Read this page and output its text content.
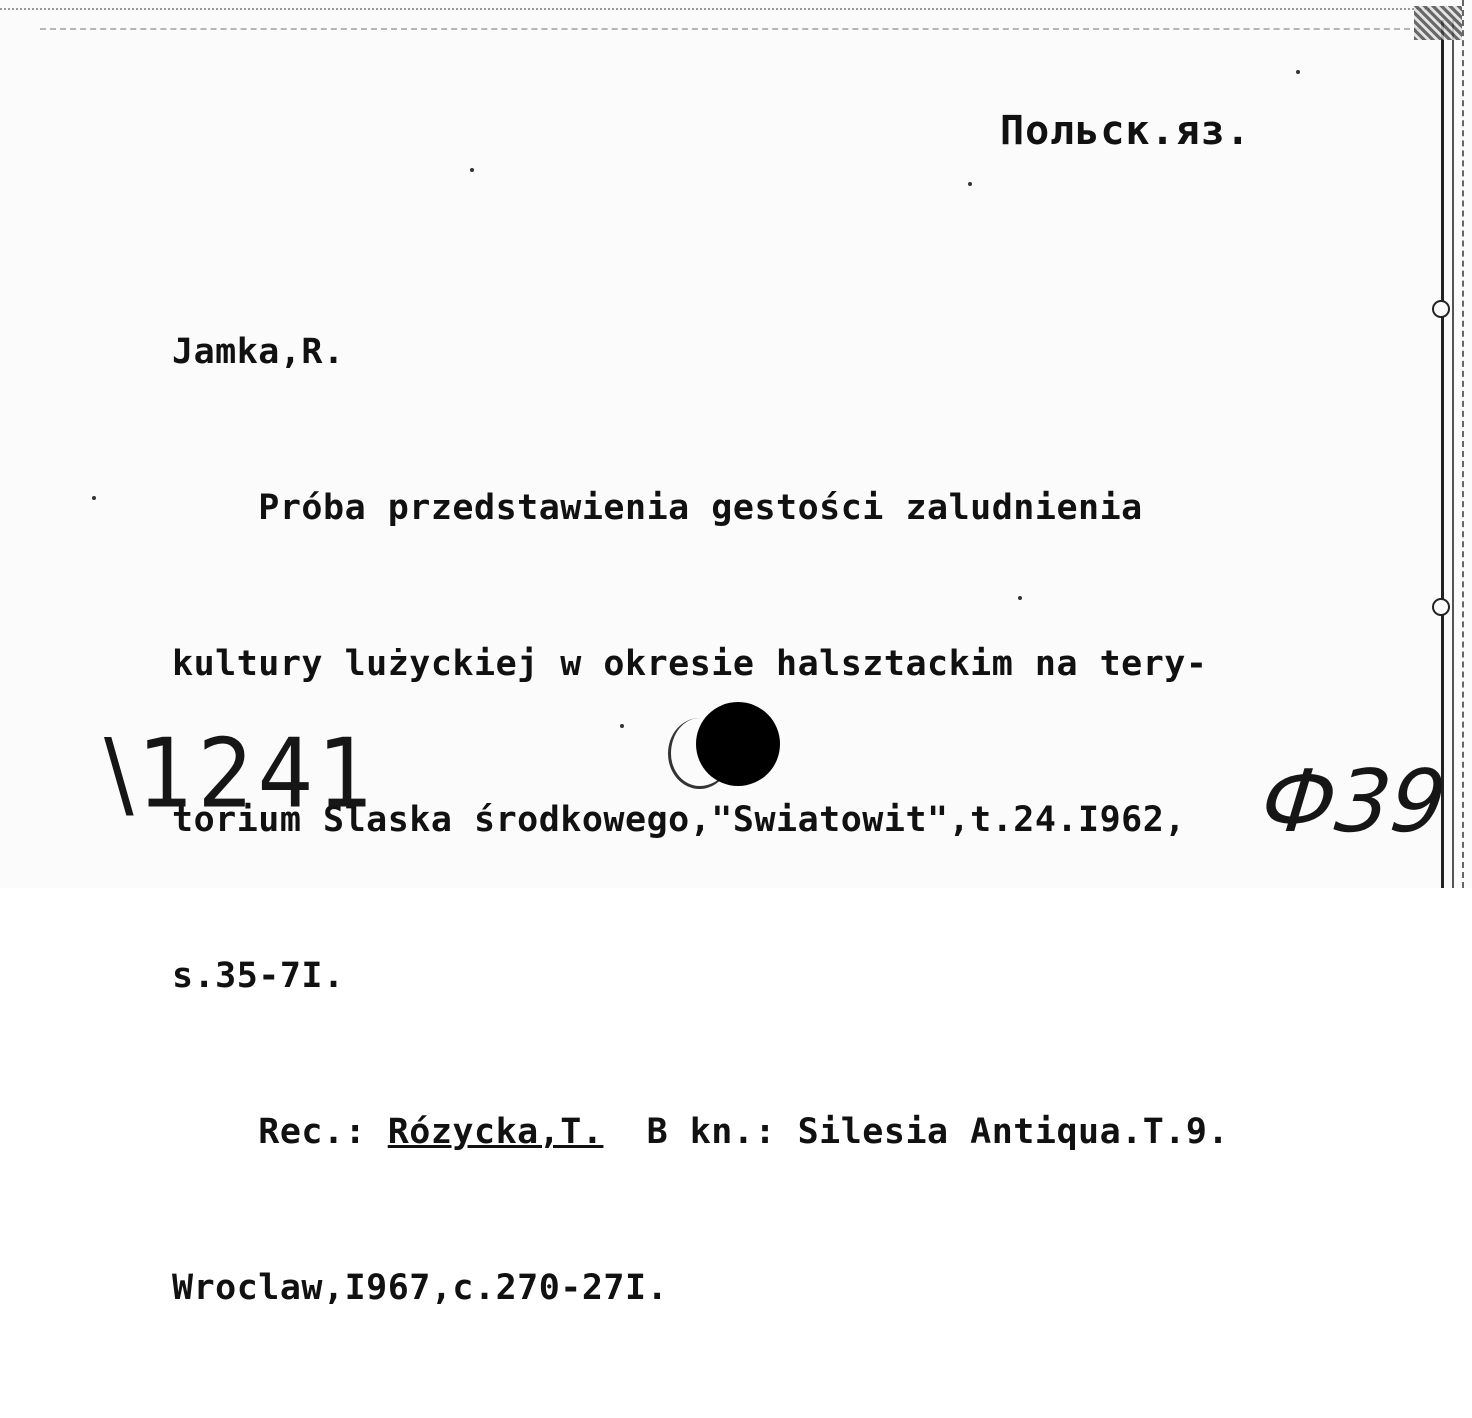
Польск.яз.

Jamka,R.

Próba przedstawienia gestości zaludnienia

kultury lużyckiej w okresie halsztackim na tery-

torium Slaska środkowego,"Swiatowit",t.24.I962,

s.35-7I.

Rec.: Rózycka,T.  B kn.: Silesia Antiqua.T.9.

Wroclaw,I967,c.270-27I.

\1241	Ф39
